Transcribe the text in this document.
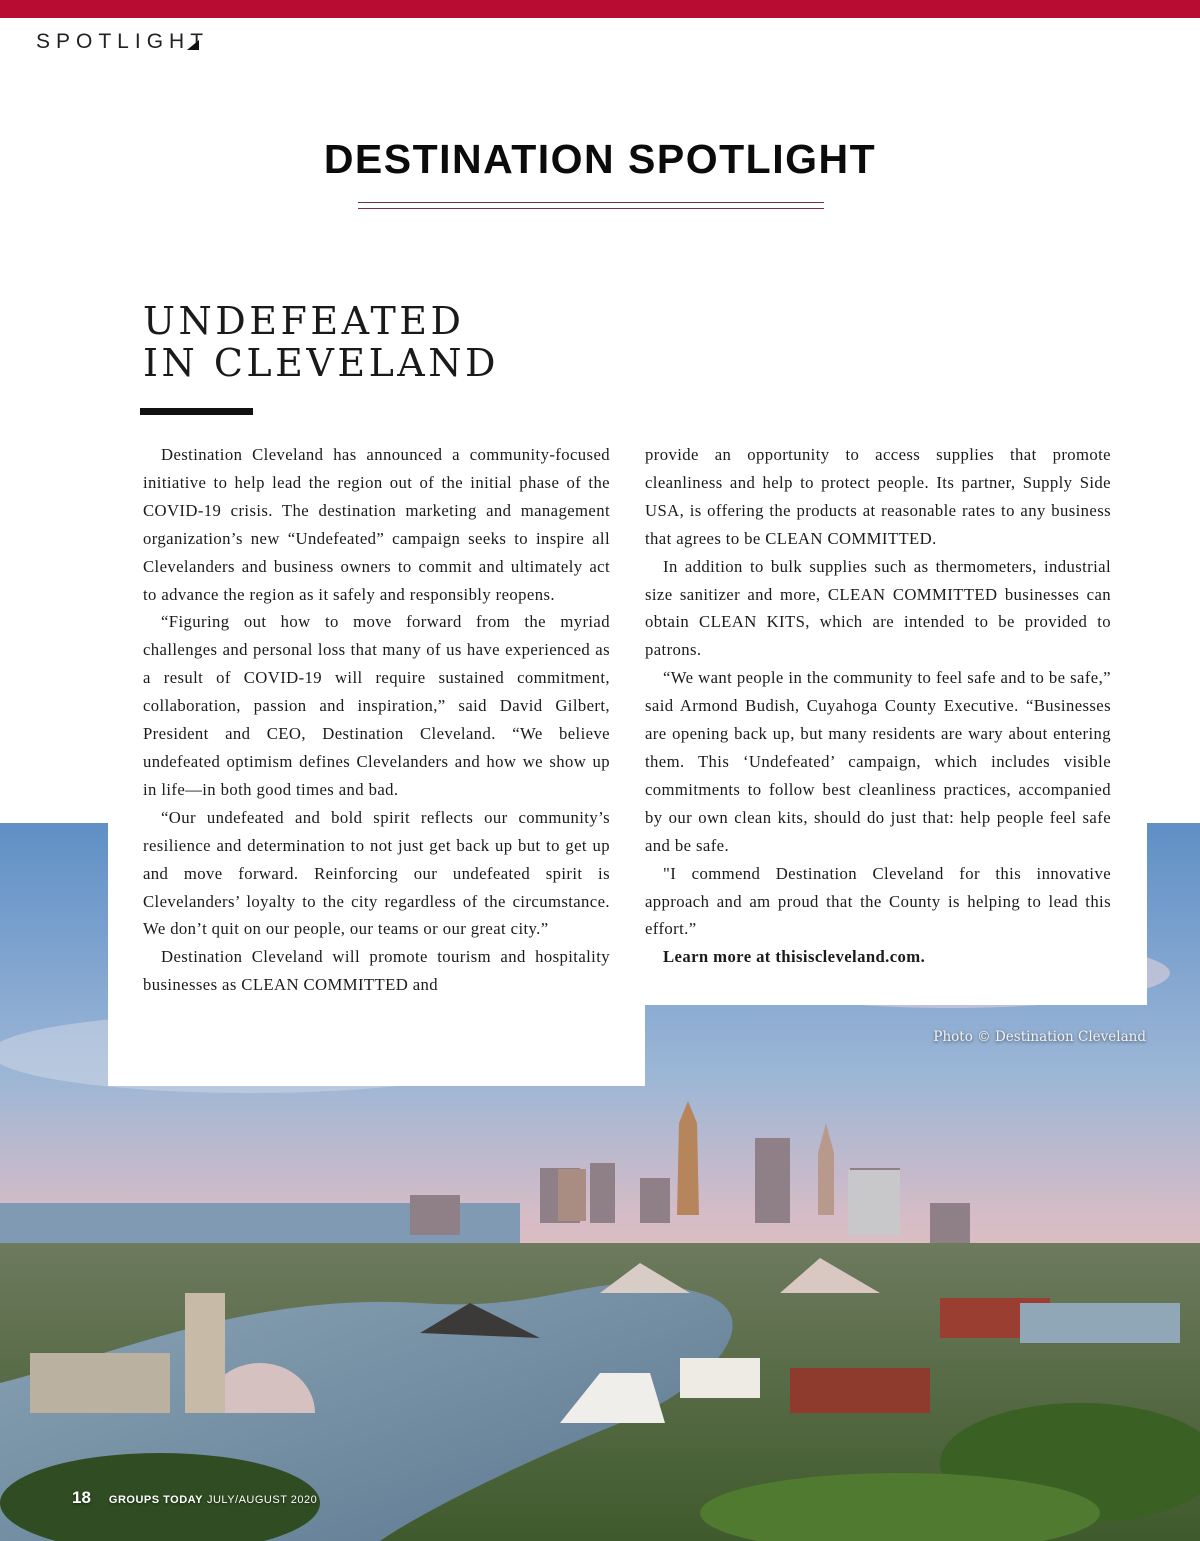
SPOTLIGHT
DESTINATION SPOTLIGHT
Photo © Destination Cleveland
UNDEFEATED
IN CLEVELAND

Destination Cleveland has announced a community-focused initiative to help lead the region out of the initial phase of the COVID-19 crisis. The destination marketing and management organization’s new “Undefeated” campaign seeks to inspire all Clevelanders and business owners to commit and ultimately act to advance the region as it safely and responsibly reopens.

“Figuring out how to move forward from the myriad challenges and personal loss that many of us have experienced as a result of COVID-19 will require sustained commitment, collaboration, passion and inspiration,” said David Gilbert, President and CEO, Destination Cleveland. “We believe undefeated optimism defines Clevelanders and how we show up in life—in both good times and bad.

“Our undefeated and bold spirit reflects our community’s resilience and determination to not just get back up but to get up and move forward. Reinforcing our undefeated spirit is Clevelanders’ loyalty to the city regardless of the circumstance. We don’t quit on our people, our teams or our great city.”

Destination Cleveland will promote tourism and hospitality businesses as CLEAN COMMITTED and

provide an opportunity to access supplies that promote cleanliness and help to protect people. Its partner, Supply Side USA, is offering the products at reasonable rates to any business that agrees to be CLEAN COMMITTED.

In addition to bulk supplies such as thermometers, industrial size sanitizer and more, CLEAN COMMITTED businesses can obtain CLEAN KITS, which are intended to be provided to patrons.

“We want people in the community to feel safe and to be safe,” said Armond Budish, Cuyahoga County Executive. “Businesses are opening back up, but many residents are wary about entering them. This ‘Undefeated’ campaign, which includes visible commitments to follow best cleanliness practices, accompanied by our own clean kits, should do just that: help people feel safe and be safe.

"I commend Destination Cleveland for this innovative approach and am proud that the County is helping to lead this effort.”

Learn more at thisiscleveland.com.

18 GROUPS TODAY JULY/AUGUST 2020
